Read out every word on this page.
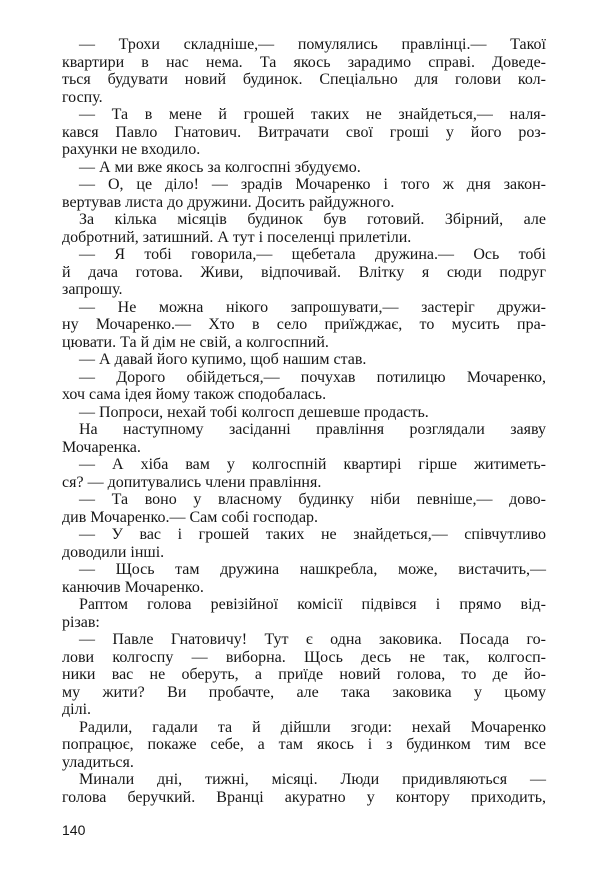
— Трохи складніше,— помулялись правлінці.— Такої
квартири в нас нема. Та якось зарадимо справі. Доведе-
ться будувати новий будинок. Спеціально для голови кол-
госпу.
— Та в мене й грошей таких не знайдеться,— наля-
кався Павло Гнатович. Витрачати свої гроші у його роз-
рахунки не входило.
— А ми вже якось за колгоспні збудуємо.
— О, це діло! — зрадів Мочаренко і того ж дня закон-
вертував листа до дружини. Досить райдужного.
За кілька місяців будинок був готовий. Збірний, але
добротний, затишний. А тут і поселенці прилетіли.
— Я тобі говорила,— щебетала дружина.— Ось тобі
й дача готова. Живи, відпочивай. Влітку я сюди подруг
запрошу.
— Не можна нікого запрошувати,— застеріг дружи-
ну Мочаренко.— Хто в село приїжджає, то мусить пра-
цювати. Та й дім не свій, а колгоспний.
— А давай його купимо, щоб нашим став.
— Дорого обійдеться,— почухав потилицю Мочаренко,
хоч сама ідея йому також сподобалась.
— Попроси, нехай тобі колгосп дешевше продасть.
На наступному засіданні правління розглядали заяву
Мочаренка.
— А хіба вам у колгоспній квартирі гірше житиметь-
ся? — допитувались члени правління.
— Та воно у власному будинку ніби певніше,— дово-
див Мочаренко.— Сам собі господар.
— У вас і грошей таких не знайдеться,— співчутливо
доводили інші.
— Щось там дружина нашкребла, може, вистачить,—
канючив Мочаренко.
Раптом голова ревізійної комісії підвівся і прямо від-
різав:
— Павле Гнатовичу! Тут є одна заковика. Посада го-
лови колгоспу — виборна. Щось десь не так, колгосп-
ники вас не оберуть, а приїде новий голова, то де йо-
му жити? Ви пробачте, але така заковика у цьому
ділі.
Радили, гадали та й дійшли згоди: нехай Мочаренко
попрацює, покаже себе, а там якось і з будинком тим все
уладиться.
Минали дні, тижні, місяці. Люди придивляються —
голова беручкий. Вранці акуратно у контору приходить,
140
